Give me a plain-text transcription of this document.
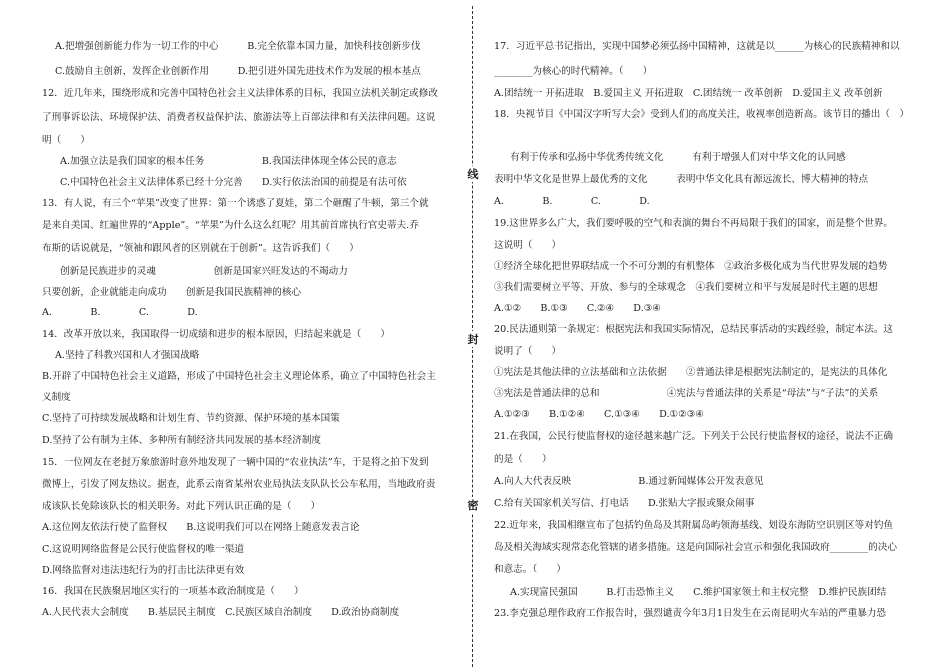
A.把增强创新能力作为一切工作的中心　　　B.完全依靠本国力量，加快科技创新步伐
C.鼓励自主创新，发挥企业创新作用　　　D.把引进外国先进技术作为发展的根本基点
12．近几年来，围绕形成和完善中国特色社会主义法律体系的目标，我国立法机关制定或修改
了刑事诉讼法、环境保护法、消费者权益保护法、旅游法等上百部法律和有关法律问题。这说
明（　　）
A.加强立法是我们国家的根本任务　　　　　　B.我国法律体现全体公民的意志
C.中国特色社会主义法律体系已经十分完善　　D.实行依法治国的前提是有法可依
13．有人说，有三个“苹果”改变了世界：第一个诱惑了夏娃，第二个砸醒了牛顿，第三个就
是来自美国、红遍世界的“Apple”。“苹果”为什么这么红呢？用其前首席执行官史蒂夫.乔
布斯的话说就是，“领袖和跟风者的区别就在于创新”。这告诉我们（　　）
创新是民族进步的灵魂　　　　　　创新是国家兴旺发达的不竭动力
只要创新，企业就能走向成功　　创新是我国民族精神的核心
A.　　　　B.　　　　C.　　　　D.
14．改革开放以来，我国取得一切成绩和进步的根本原因，归结起来就是（　　）
A.坚持了科教兴国和人才强国战略
B.开辟了中国特色社会主义道路，形成了中国特色社会主义理论体系，确立了中国特色社会主
义制度
C.坚持了可持续发展战略和计划生育、节约资源、保护环境的基本国策
D.坚持了公有制为主体、多种所有制经济共同发展的基本经济制度
15．一位网友在老挝万象旅游时意外地发现了一辆中国的“农业执法”车，于是将之拍下发到
微博上，引发了网友热议。据查，此系云南省某州农业局执法支队队长公车私用，当地政府责
成该队长免除该队长的相关职务。对此下列认识正确的是（　　）
A.这位网友依法行使了监督权　　B.这说明我们可以在网络上随意发表言论
C.这说明网络监督是公民行使监督权的唯一渠道
D.网络监督对违法违纪行为的打击比法律更有效
16．我国在民族聚居地区实行的一项基本政治制度是（　　）
A.人民代表大会制度　　B.基层民主制度　C.民族区域自治制度　　D.政治协商制度
线
封
密
17．习近平总书记指出，实现中国梦必须弘扬中国精神，这就是以______为核心的民族精神和以
________为核心的时代精神。（　　）
A.团结统一 开拓进取　B.爱国主义 开拓进取　C.团结统一 改革创新　D.爱国主义 改革创新
18．央视节目《中国汉字听写大会》受到人们的高度关注，收视率创造新高。该节目的播出（　）
有利于传承和弘扬中华优秀传统文化　　　有利于增强人们对中华文化的认同感
表明中华文化是世界上最优秀的文化　　　表明中华文化具有源远流长、博大精神的特点
A.　　　　B.　　　　C.　　　　D.
19.这世界多么广大，我们要呼吸的空气和表演的舞台不再局限于我们的国家，而是整个世界。
这说明（　　）
①经济全球化把世界联结成一个不可分割的有机整体　②政治多极化成为当代世界发展的趋势
③我们需要树立平等、开放、参与的全球观念　④我们要树立和平与发展是时代主题的思想
A.①②　　B.①③　　C.②④　　D.③④
20.民法通则第一条规定：根据宪法和我国实际情况，总结民事活动的实践经验，制定本法。这
说明了（　　）
①宪法是其他法律的立法基础和立法依据　　②普通法律是根据宪法制定的，是宪法的具体化
③宪法是普通法律的总和　　　　　　　④宪法与普通法律的关系是“母法”与“子法”的关系
A.①②③　　B.①②④　　C.①③④　　D.①②③④
21.在我国，公民行使监督权的途径越来越广泛。下列关于公民行使监督权的途径，说法不正确
的是（　　）
A.向人大代表反映　　　　　　　B.通过新闻媒体公开发表意见
C.给有关国家机关写信、打电话　　D.张贴大字报或聚众闹事
22.近年来，我国相继宣布了包括钓鱼岛及其附属岛屿领海基线、划设东海防空识别区等对钓鱼
岛及相关海域实现常态化管辖的诸多措施。这是向国际社会宣示和强化我国政府________的决心
和意志。（　　）
A.实现富民强国　　　B.打击恐怖主义　　C.维护国家领土和主权完整　D.维护民族团结
23.李克强总理作政府工作报告时，强烈谴责今年3月1日发生在云南昆明火车站的严重暴力恐
